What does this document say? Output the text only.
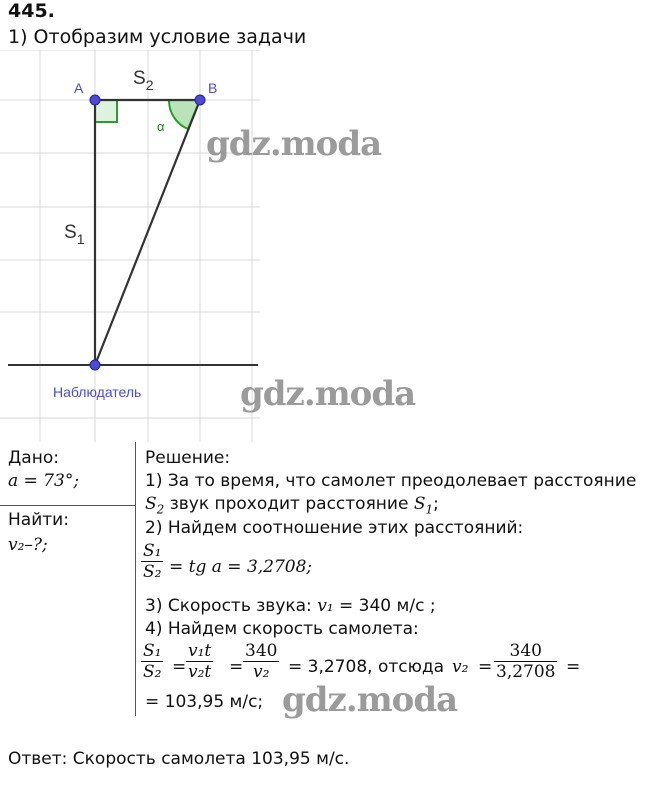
445.
1) Отобразим условие задачи
A	B
$S_2$
$S_1$
α
Наблюдатель
gdz.moda
gdz.moda
gdz.moda
Дано:
a = 73°;
Найти:
v₂–?;
Решение:
1) За то время, что самолет преодолевает расстояние
$S_2$ звук проходит расстояние $S_1$;
2) Найдем соотношение этих расстояний:
$\frac{\text{S₁}}{\text{S₂}}$ = tg a = 3,2708;
3) Скорость звука: v₁ = 340 м/с ;
4) Найдем скорость самолета:
$\frac{\text{S₁}}{\text{S₂}} = \frac{\text{v₁t}}{\text{v₂t}} = \frac{340}{\text{v₂}} = 3,2708$, отсюда $v_2 = \frac{340}{3,2708}$ =
= 103,95 м/с;
Ответ: Скорость самолета 103,95 м/с.
